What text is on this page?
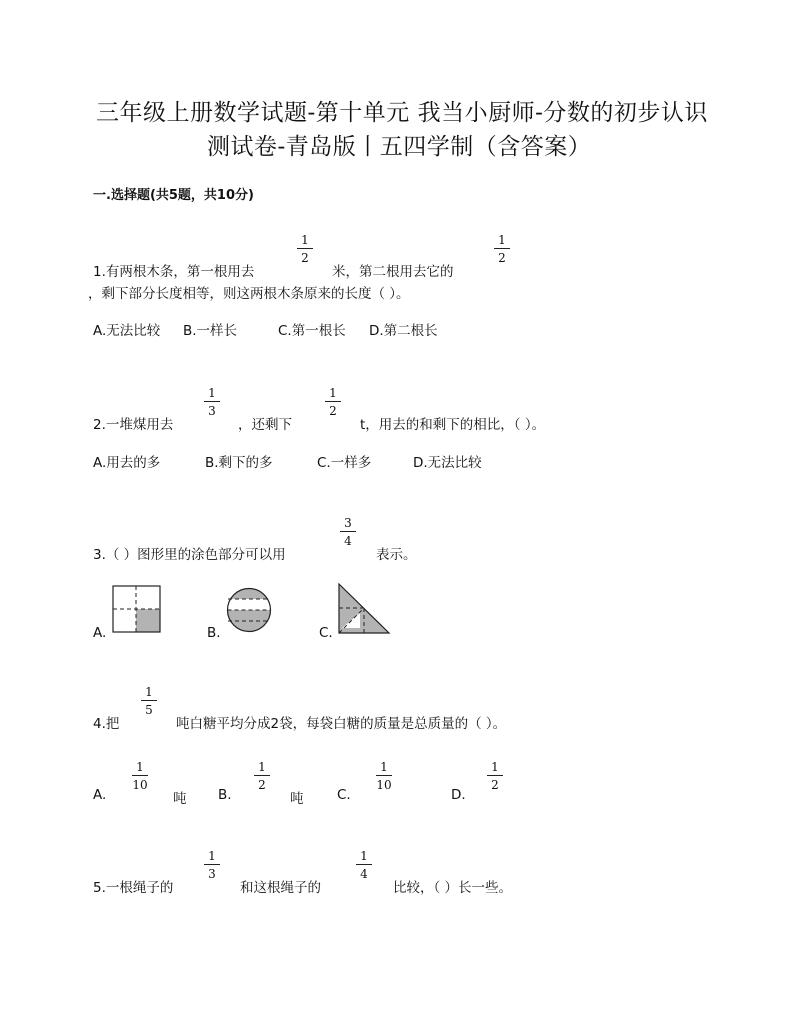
三年级上册数学试题-第十单元 我当小厨师-分数的初步认识
测试卷-青岛版丨五四学制（含答案）
一.选择题(共5题，共10分)
1.有两根木条，第一根用去
1
2
米，第二根用去它的
1
2
，剩下部分长度相等，则这两根木条原来的长度（ ）。
A.无法比较 B.一样长	C.第一根长 D.第二根长
2.一堆煤用去
1
3
，还剩下
1
2
t，用去的和剩下的相比，（ ）。
A.用去的多	B.剩下的多	C.一样多	D.无法比较
3.（ ）图形里的涂色部分可以用
3
4
表示。
A.	B.	C.
4.把
1
5
吨白糖平均分成2袋，每袋白糖的质量是总质量的（ ）。
A.
1
10
吨 B.
1
2
吨 C.
1
10
D.
1
2
5.一根绳子的
1
3
和这根绳子的
1
4
比较，（ ）长一些。
